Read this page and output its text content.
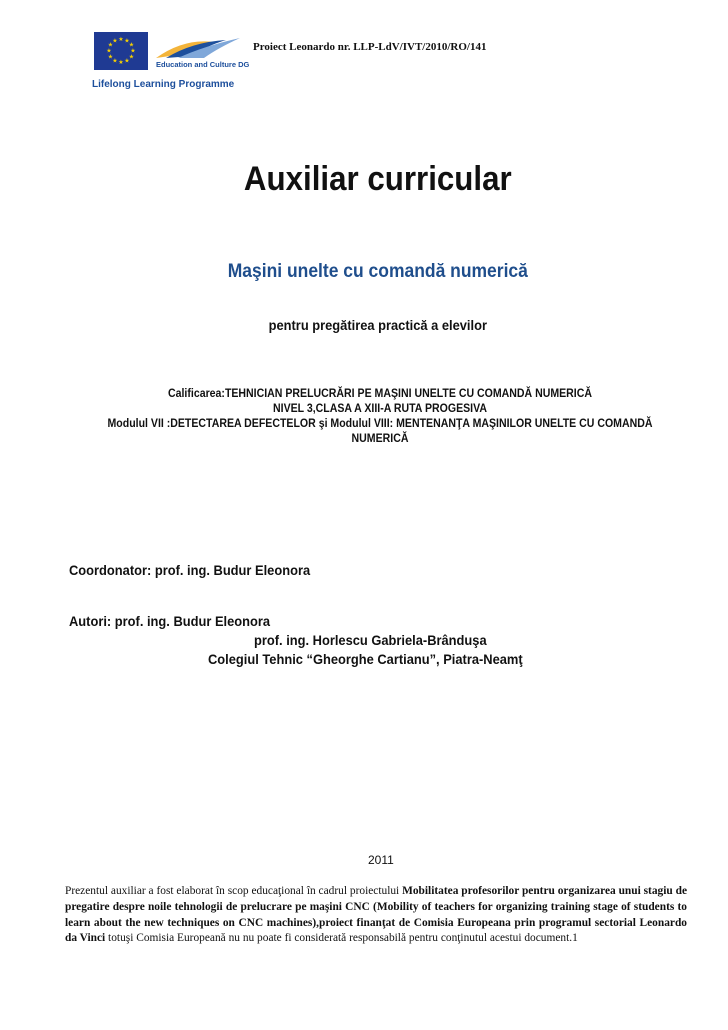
★ ★
★
★
★
★
★
★
★
★
★
★
Education and Culture DG
Lifelong Learning Programme
Proiect Leonardo nr. LLP-LdV/IVT/2010/RO/141
Auxiliar curricular
Maşini unelte cu comandă numerică
pentru pregătirea practică a elevilor
Calificarea:TEHNICIAN PRELUCRĂRI PE MAŞINI UNELTE CU COMANDĂ NUMERICĂ
NIVEL 3,CLASA A XIII-A RUTA PROGESIVA
Modulul VII :DETECTAREA DEFECTELOR şi Modulul VIII: MENTENANŢA MAŞINILOR UNELTE CU COMANDĂ
NUMERICĂ
Coordonator: prof. ing. Budur Eleonora
Autori: prof. ing. Budur Eleonora
prof. ing. Horlescu Gabriela-Brânduşa
Colegiul Tehnic “Gheorghe Cartianu”, Piatra-Neamţ
2011
Prezentul auxiliar a fost elaborat în scop educaţional în cadrul proiectului Mobilitatea profesorilor pentru organizarea unui stagiu de pregatire despre noile tehnologii de prelucrare pe maşini CNC (Mobility of teachers for organizing training stage of students to learn about the new techniques on CNC machines),proiect finanţat de Comisia Europeana prin programul sectorial Leonardo da Vinci totuşi Comisia Europeană nu nu poate fi considerată responsabilă pentru conţinutul acestui document.1
